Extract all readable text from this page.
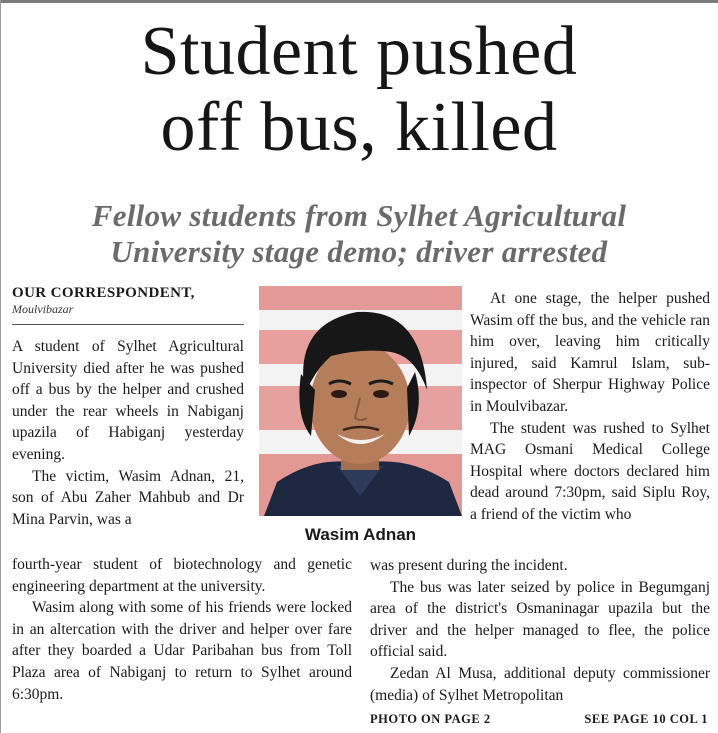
Student pushed
off bus, killed
Fellow students from Sylhet Agricultural
University stage demo; driver arrested
OUR CORRESPONDENT,
Moulvibazar

A student of Sylhet Agricultural University died after he was pushed off a bus by the helper and crushed under the rear wheels in Nabiganj upazila of Habiganj yesterday evening.

The victim, Wasim Adnan, 21, son of Abu Zaher Mahbub and Dr Mina Parvin, was a

Wasim Adnan

At one stage, the helper pushed Wasim off the bus, and the vehicle ran him over, leaving him critically injured, said Kamrul Islam, sub-inspector of Sherpur Highway Police in Moulvibazar.

The student was rushed to Sylhet MAG Osmani Medical College Hospital where doctors declared him dead around 7:30pm, said Siplu Roy, a friend of the victim who

fourth-year student of biotechnology and genetic engineering department at the university.

Wasim along with some of his friends were locked in an altercation with the driver and helper over fare after they boarded a Udar Paribahan bus from Toll Plaza area of Nabiganj to return to Sylhet around 6:30pm.

was present during the incident.

The bus was later seized by police in Begumganj area of the district's Osmaninagar upazila but the driver and the helper managed to flee, the police official said.

Zedan Al Musa, additional deputy commissioner (media) of Sylhet Metropolitan

PHOTO ON PAGE 2	SEE PAGE 10 COL 1
